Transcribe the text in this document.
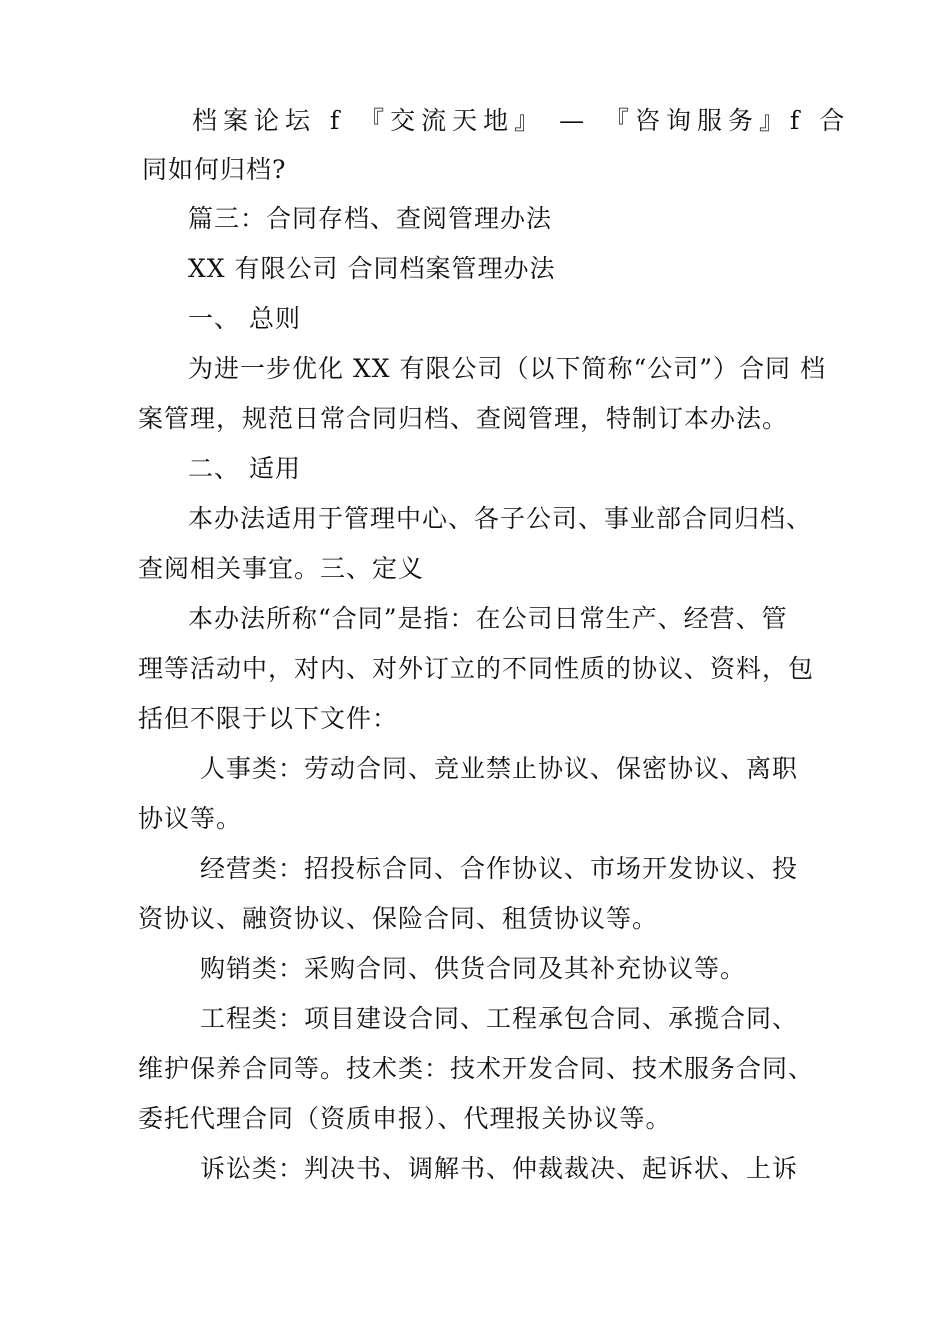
档案论坛 f 『交流天地』 — 『咨询服务』f 合
同如何归档?
篇三：合同存档、查阅管理办法
XX 有限公司 合同档案管理办法
一、 总则
为进一步优化 XX 有限公司（以下简称“公司”）合同 档
案管理，规范日常合同归档、查阅管理，特制订本办法。
二、 适用
本办法适用于管理中心、各子公司、事业部合同归档、
查阅相关事宜。三、定义
本办法所称“合同”是指：在公司日常生产、经营、管
理等活动中，对内、对外订立的不同性质的协议、资料，包
括但不限于以下文件：
人事类：劳动合同、竞业禁止协议、保密协议、离职
协议等。
经营类：招投标合同、合作协议、市场开发协议、投
资协议、融资协议、保险合同、租赁协议等。
购销类：采购合同、供货合同及其补充协议等。
工程类：项目建设合同、工程承包合同、承揽合同、
维护保养合同等。技术类：技术开发合同、技术服务合同、
委托代理合同（资质申报）、代理报关协议等。
诉讼类：判决书、调解书、仲裁裁决、起诉状、上诉
